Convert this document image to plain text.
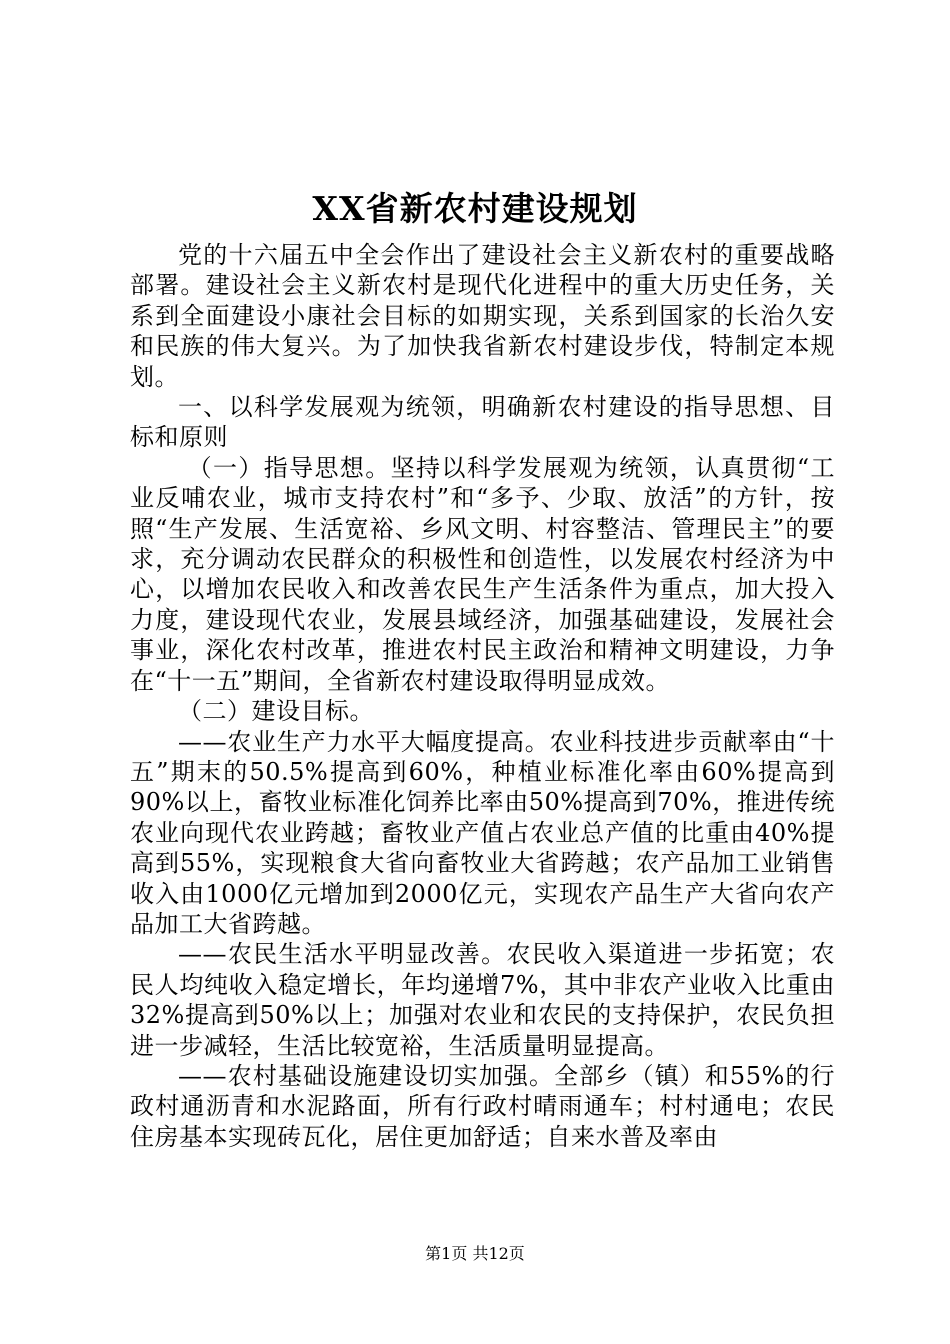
XX省新农村建设规划

党的十六届五中全会作出了建设社会主义新农村的重要战略部署。建设社会主义新农村是现代化进程中的重大历史任务，关系到全面建设小康社会目标的如期实现，关系到国家的长治久安和民族的伟大复兴。为了加快我省新农村建设步伐，特制定本规划。

一、以科学发展观为统领，明确新农村建设的指导思想、目标和原则

（一）指导思想。坚持以科学发展观为统领，认真贯彻“工业反哺农业，城市支持农村”和“多予、少取、放活”的方针，按照“生产发展、生活宽裕、乡风文明、村容整洁、管理民主”的要求，充分调动农民群众的积极性和创造性，以发展农村经济为中心，以增加农民收入和改善农民生产生活条件为重点，加大投入力度，建设现代农业，发展县域经济，加强基础建设，发展社会事业，深化农村改革，推进农村民主政治和精神文明建设，力争在“十一五”期间，全省新农村建设取得明显成效。

（二）建设目标。

——农业生产力水平大幅度提高。农业科技进步贡献率由“十五”期末的50.5%提高到60%，种植业标准化率由60%提高到90%以上，畜牧业标准化饲养比率由50%提高到70%，推进传统农业向现代农业跨越；畜牧业产值占农业总产值的比重由40%提高到55%，实现粮食大省向畜牧业大省跨越；农产品加工业销售收入由1000亿元增加到2000亿元，实现农产品生产大省向农产品加工大省跨越。

——农民生活水平明显改善。农民收入渠道进一步拓宽；农民人均纯收入稳定增长，年均递增7%，其中非农产业收入比重由32%提高到50%以上；加强对农业和农民的支持保护，农民负担进一步减轻，生活比较宽裕，生活质量明显提高。

——农村基础设施建设切实加强。全部乡（镇）和55%的行政村通沥青和水泥路面，所有行政村晴雨通车；村村通电；农民住房基本实现砖瓦化，居住更加舒适；自来水普及率由

第1页 共12页
